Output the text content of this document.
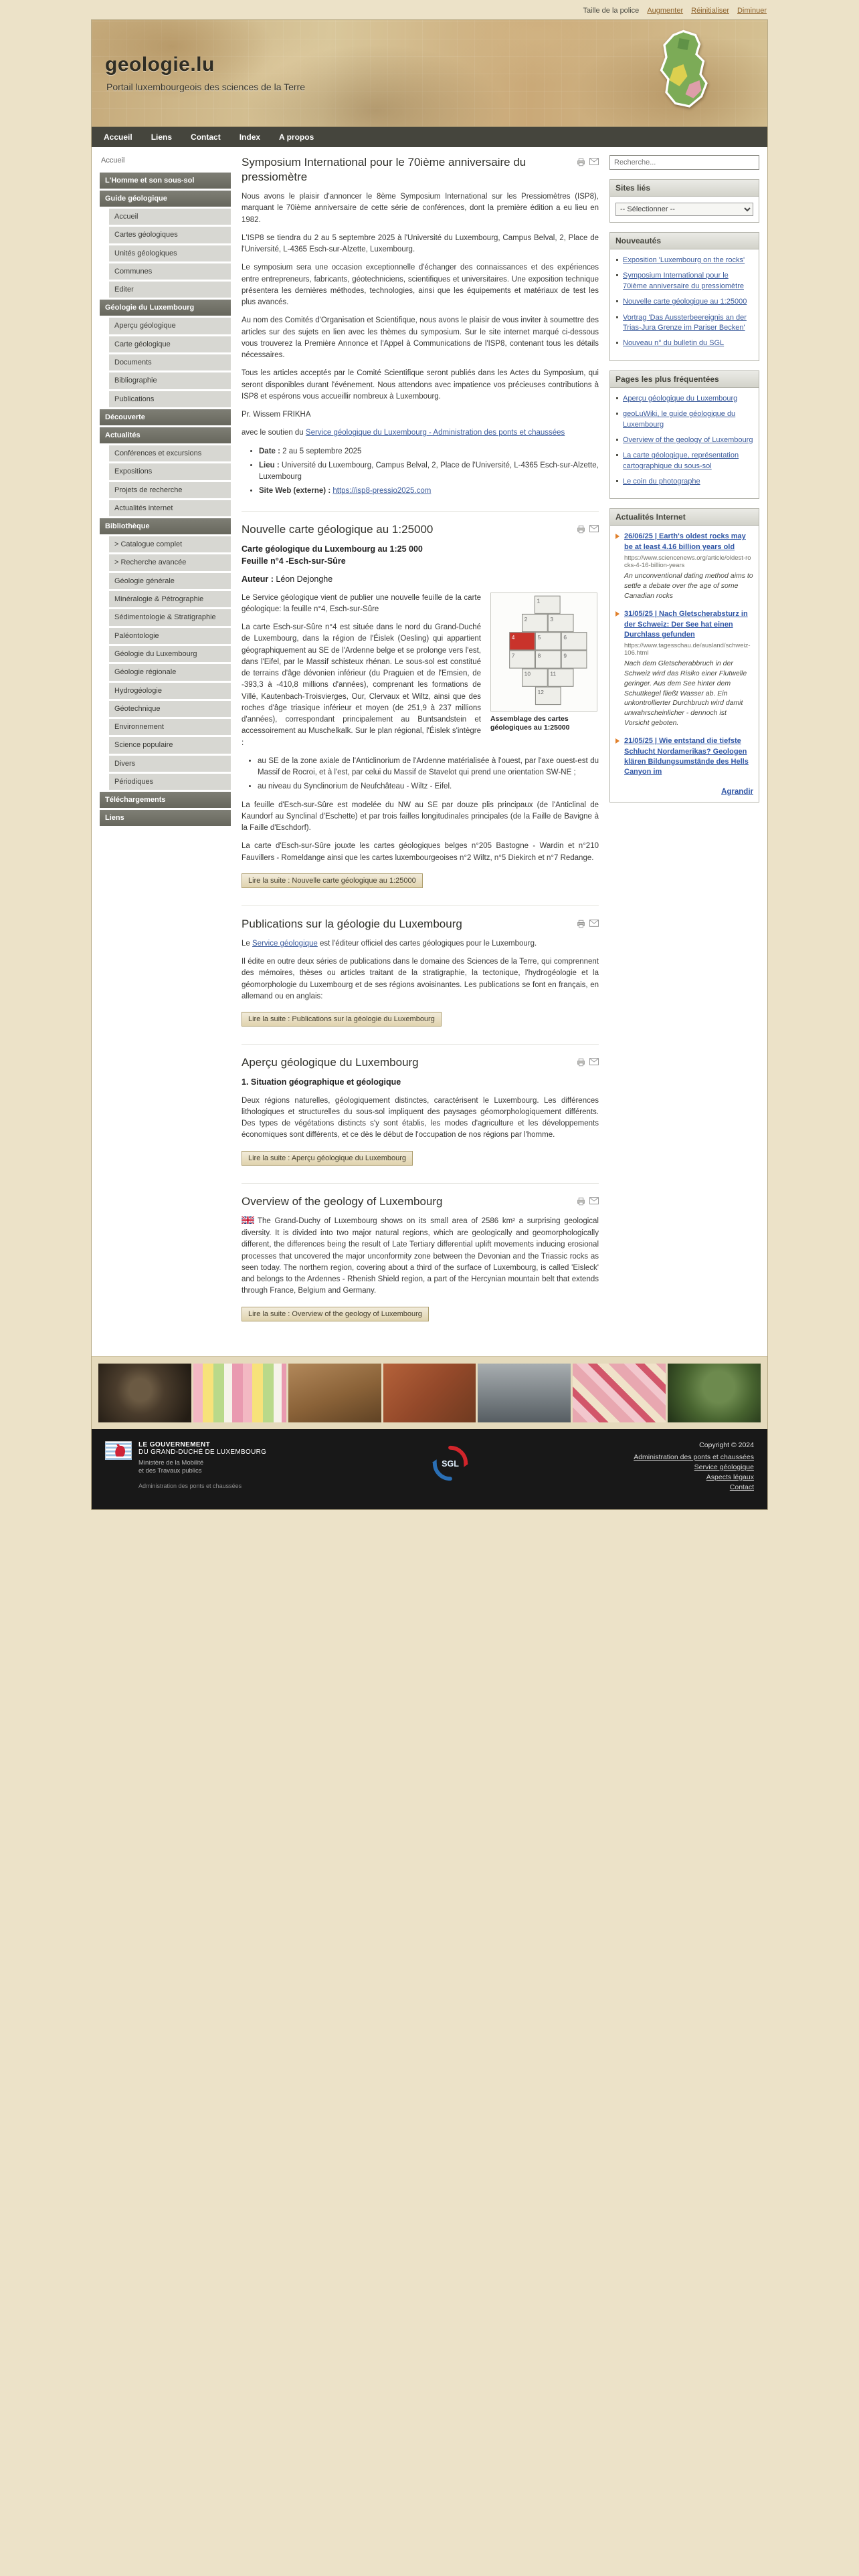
Taille de la police Augmenter Réinitialiser Diminuer
geologie.lu
Portail luxembourgeois des sciences de la Terre
Accueil Liens Contact Index A propos
Accueil
L'Homme et son sous-sol
Guide géologique
Accueil
Cartes géologiques
Unités géologiques
Communes
Editer
Géologie du Luxembourg
Aperçu géologique
Carte géologique
Documents
Bibliographie
Publications
Découverte
Actualités
Conférences et excursions
Expositions
Projets de recherche
Actualités internet
Bibliothèque
> Catalogue complet
> Recherche avancée
Géologie générale
Minéralogie & Pétrographie
Sédimentologie & Stratigraphie
Paléontologie
Géologie du Luxembourg
Géologie régionale
Hydrogéologie
Géotechnique
Environnement
Science populaire
Divers
Périodiques
Téléchargements
Liens
Symposium International pour le 70ième anniversaire du pressiomètre

Nous avons le plaisir d'annoncer le 8ème Symposium International sur les Pressiomètres (ISP8), marquant le 70ième anniversaire de cette série de conférences, dont la première édition a eu lieu en 1982.

L'ISP8 se tiendra du 2 au 5 septembre 2025 à l'Université du Luxembourg, Campus Belval, 2, Place de l'Université, L-4365 Esch-sur-Alzette, Luxembourg.

Le symposium sera une occasion exceptionnelle d'échanger des connaissances et des expériences entre entrepreneurs, fabricants, géotechniciens, scientifiques et universitaires. Une exposition technique présentera les dernières méthodes, technologies, ainsi que les équipements et matériaux de test les plus avancés.

Au nom des Comités d'Organisation et Scientifique, nous avons le plaisir de vous inviter à soumettre des articles sur des sujets en lien avec les thèmes du symposium. Sur le site internet marqué ci-dessous vous trouverez la Première Annonce et l'Appel à Communications de l'ISP8, contenant tous les détails nécessaires.

Tous les articles acceptés par le Comité Scientifique seront publiés dans les Actes du Symposium, qui seront disponibles durant l'événement. Nous attendons avec impatience vos précieuses contributions à ISP8 et espérons vous accueillir nombreux à Luxembourg.

Pr. Wissem FRIKHA

avec le soutien du Service géologique du Luxembourg - Administration des ponts et chaussées

• Date : 2 au 5 septembre 2025
• Lieu : Université du Luxembourg, Campus Belval, 2, Place de l'Université, L-4365 Esch-sur-Alzette, Luxembourg
• Site Web (externe) : https://isp8-pressio2025.com
Nouvelle carte géologique au 1:25000
Carte géologique du Luxembourg au 1:25 000
Feuille n°4 -Esch-sur-Sûre

Auteur : Léon Dejonghe

1
2	3
4	5	6
7	8	9
10	11
12
Assemblage des cartes géologiques au 1:25000

Le Service géologique vient de publier une nouvelle feuille de la carte géologique: la feuille n°4, Esch-sur-Sûre

La carte Esch-sur-Sûre n°4 est située dans le nord du Grand-Duché de Luxembourg, dans la région de l'Éislek (Oesling) qui appartient géographiquement au SE de l'Ardenne belge et se prolonge vers l'est, dans l'Eifel, par le Massif schisteux rhénan. Le sous-sol est constitué de terrains d'âge dévonien inférieur (du Praguien et de l'Emsien, de -393,3 à -410,8 millions d'années), comprenant les formations de Villé, Kautenbach-Troisvierges, Our, Clervaux et Wiltz, ainsi que des roches d'âge triasique inférieur et moyen (de 251,9 à 237 millions d'années), correspondant principalement au Buntsandstein et accessoirement au Muschelkalk. Sur le plan régional, l'Éislek s'intègre :

• au SE de la zone axiale de l'Anticlinorium de l'Ardenne matérialisée à l'ouest, par l'axe ouest-est du Massif de Rocroi, et à l'est, par celui du Massif de Stavelot qui prend une orientation SW-NE ;
• au niveau du Synclinorium de Neufchâteau - Wiltz - Eifel.

La feuille d'Esch-sur-Sûre est modelée du NW au SE par douze plis principaux (de l'Anticlinal de Kaundorf au Synclinal d'Eschette) et par trois failles longitudinales principales (de la Faille de Bavigne à la Faille d'Eschdorf).

La carte d'Esch-sur-Sûre jouxte les cartes géologiques belges n°205 Bastogne - Wardin et n°210 Fauvillers - Romeldange ainsi que les cartes luxembourgeoises n°2 Wiltz, n°5 Diekirch et n°7 Redange.

Lire la suite : Nouvelle carte géologique au 1:25000
Publications sur la géologie du Luxembourg

Le Service géologique est l'éditeur officiel des cartes géologiques pour le Luxembourg.

Il édite en outre deux séries de publications dans le domaine des Sciences de la Terre, qui comprennent des mémoires, thèses ou articles traitant de la stratigraphie, la tectonique, l'hydrogéologie et la géomorphologie du Luxembourg et de ses régions avoisinantes. Les publications se font en français, en allemand ou en anglais:

Lire la suite : Publications sur la géologie du Luxembourg
Aperçu géologique du Luxembourg
1. Situation géographique et géologique

Deux régions naturelles, géologiquement distinctes, caractérisent le Luxembourg. Les différences lithologiques et structurelles du sous-sol impliquent des paysages géomorphologiquement différents. Des types de végétations distincts s'y sont établis, les modes d'agriculture et les développements économiques sont différents, et ce dès le début de l'occupation de nos régions par l'homme.

Lire la suite : Aperçu géologique du Luxembourg
Overview of the geology of Luxembourg

The Grand-Duchy of Luxembourg shows on its small area of 2586 km² a surprising geological diversity. It is divided into two major natural regions, which are geologically and geomorphologically different, the differences being the result of Late Tertiary differential uplift movements inducing erosional processes that uncovered the major unconformity zone between the Devonian and the Triassic rocks as seen today. The northern region, covering about a third of the surface of Luxembourg, is called 'Eisleck' and belongs to the Ardennes - Rhenish Shield region, a part of the Hercynian mountain belt that extends through France, Belgium and Germany.

Lire la suite : Overview of the geology of Luxembourg
Recherche...
Sites liés
-- Sélectionner --
Nouveautés
Exposition 'Luxembourg on the rocks'
Symposium International pour le 70ième anniversaire du pressiomètre
Nouvelle carte géologique au 1:25000
Vortrag 'Das Aussterbeereignis an der Trias-Jura Grenze im Pariser Becken'
Nouveau n° du bulletin du SGL
Pages les plus fréquentées
Aperçu géologique du Luxembourg
geoLuWiki, le guide géologique du Luxembourg
Overview of the geology of Luxembourg
La carte géologique, représentation cartographique du sous-sol
Le coin du photographe
Actualités Internet
26/06/25 | Earth's oldest rocks may be at least 4.16 billion years old
https://www.sciencenews.org/article/oldest-rocks-4-16-billion-years
An unconventional dating method aims to settle a debate over the age of some Canadian rocks
31/05/25 | Nach Gletscherabsturz in der Schweiz: Der See hat einen Durchlass gefunden
https://www.tagesschau.de/ausland/schweiz-106.html
Nach dem Gletscherabbruch in der Schweiz wird das Risiko einer Flutwelle geringer. Aus dem See hinter dem Schuttkegel fließt Wasser ab. Ein unkontrollierter Durchbruch wird damit unwahrscheinlicher - dennoch ist Vorsicht geboten.
21/05/25 | Wie entstand die tiefste Schlucht Nordamerikas? Geologen klären Bildungsumstände des Hells Canyon im
Agrandir
LE GOUVERNEMENT
DU GRAND-DUCHÉ DE LUXEMBOURG
Ministère de la Mobilité
et des Travaux publics
Administration des ponts et chaussées
SGL
Copyright © 2024
Administration des ponts et chaussées
Service géologique
Aspects légaux
Contact
